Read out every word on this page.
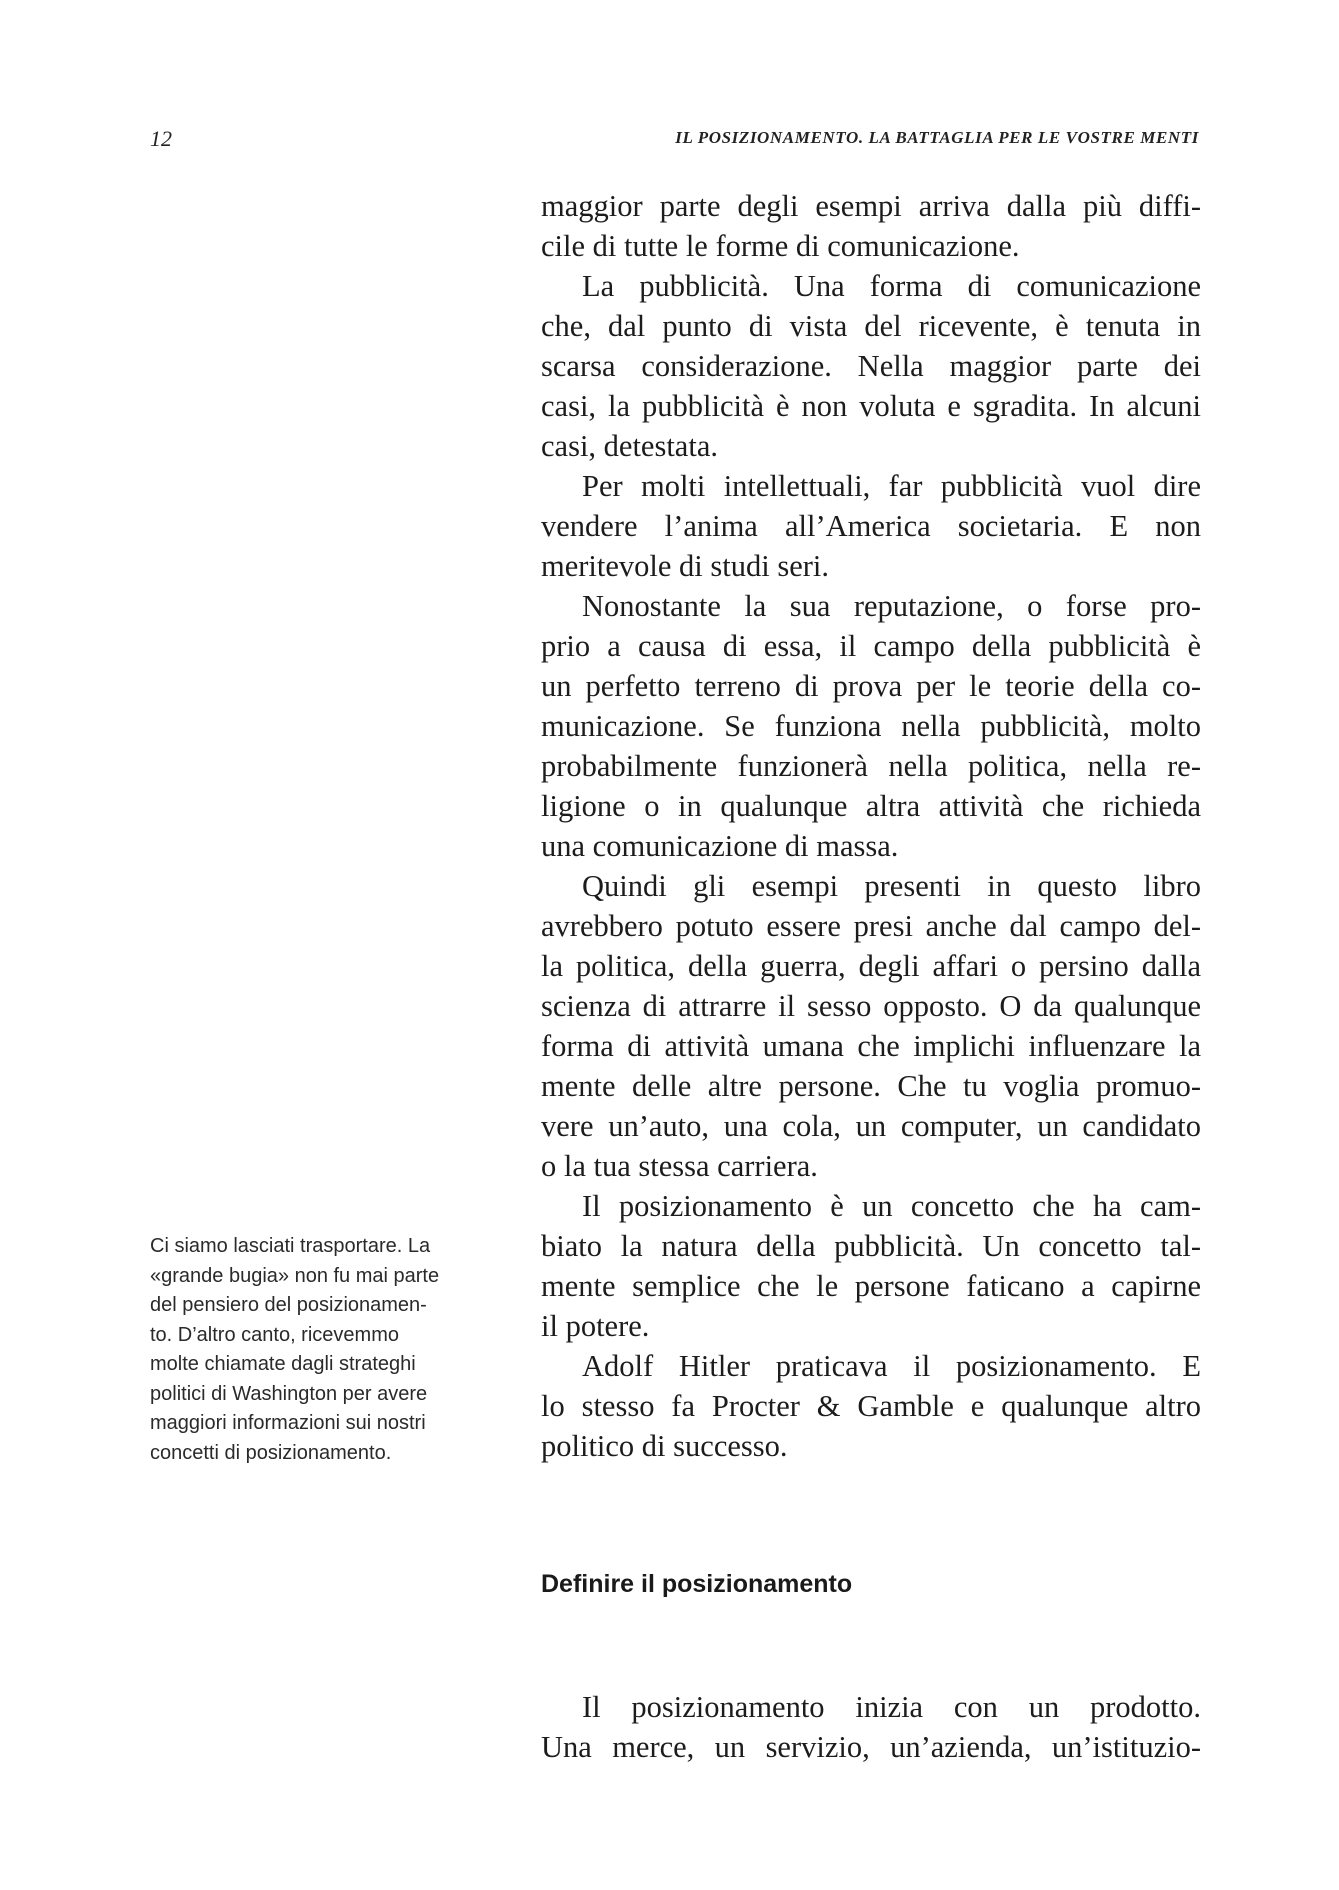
12	IL POSIZIONAMENTO. LA BATTAGLIA PER LE VOSTRE MENTI
maggior parte degli esempi arriva dalla più diffi-
cile di tutte le forme di comunicazione.
La pubblicità. Una forma di comunicazione
che, dal punto di vista del ricevente, è tenuta in
scarsa considerazione. Nella maggior parte dei
casi, la pubblicità è non voluta e sgradita. In alcuni
casi, detestata.
Per molti intellettuali, far pubblicità vuol dire
vendere l’anima all’America societaria. E non
meritevole di studi seri.
Nonostante la sua reputazione, o forse pro-
prio a causa di essa, il campo della pubblicità è
un perfetto terreno di prova per le teorie della co-
municazione. Se funziona nella pubblicità, molto
probabilmente funzionerà nella politica, nella re-
ligione o in qualunque altra attività che richieda
una comunicazione di massa.
Quindi gli esempi presenti in questo libro
avrebbero potuto essere presi anche dal campo del-
la politica, della guerra, degli affari o persino dalla
scienza di attrarre il sesso opposto. O da qualunque
forma di attività umana che implichi influenzare la
mente delle altre persone. Che tu voglia promuo-
vere un’auto, una cola, un computer, un candidato
o la tua stessa carriera.
Il posizionamento è un concetto che ha cam-
biato la natura della pubblicità. Un concetto tal-
mente semplice che le persone faticano a capirne
il potere.
Adolf Hitler praticava il posizionamento. E
lo stesso fa Procter & Gamble e qualunque altro
politico di successo.
Definire il posizionamento
Il posizionamento inizia con un prodotto.
Una merce, un servizio, un’azienda, un’istituzio-
Ci siamo lasciati trasportare. La
«grande bugia» non fu mai parte
del pensiero del posizionamen-
to. D’altro canto, ricevemmo
molte chiamate dagli strateghi
politici di Washington per avere
maggiori informazioni sui nostri
concetti di posizionamento.
